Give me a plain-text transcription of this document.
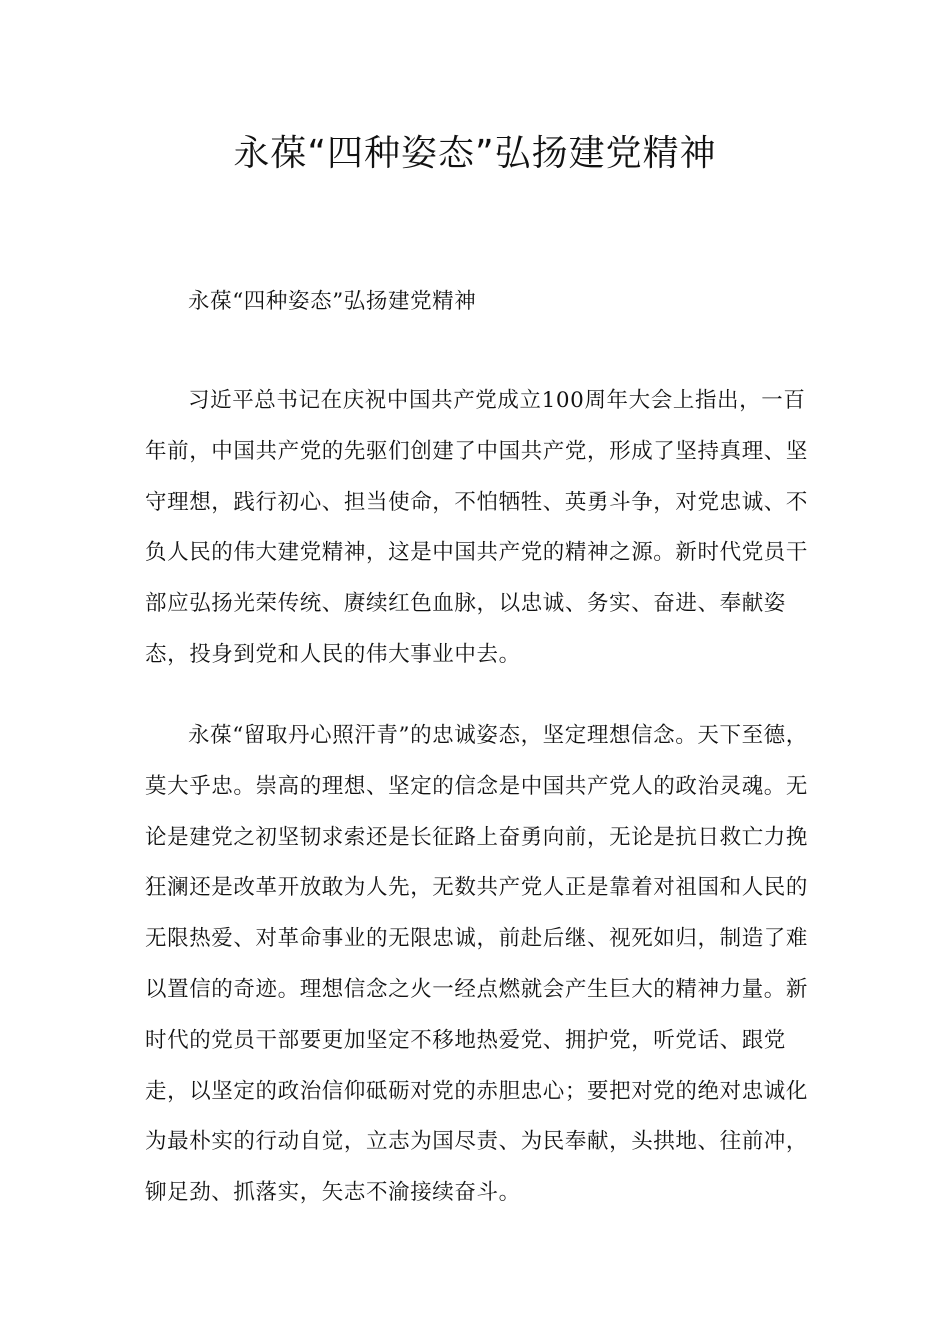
永葆“四种姿态”弘扬建党精神

永葆“四种姿态”弘扬建党精神

习近平总书记在庆祝中国共产党成立100周年大会上指出，一百年前，中国共产党的先驱们创建了中国共产党，形成了坚持真理、坚守理想，践行初心、担当使命，不怕牺牲、英勇斗争，对党忠诚、不负人民的伟大建党精神，这是中国共产党的精神之源。新时代党员干部应弘扬光荣传统、赓续红色血脉，以忠诚、务实、奋进、奉献姿态，投身到党和人民的伟大事业中去。

永葆“留取丹心照汗青”的忠诚姿态，坚定理想信念。天下至德，莫大乎忠。崇高的理想、坚定的信念是中国共产党人的政治灵魂。无论是建党之初坚韧求索还是长征路上奋勇向前，无论是抗日救亡力挽狂澜还是改革开放敢为人先，无数共产党人正是靠着对祖国和人民的无限热爱、对革命事业的无限忠诚，前赴后继、视死如归，制造了难以置信的奇迹。理想信念之火一经点燃就会产生巨大的精神力量。新时代的党员干部要更加坚定不移地热爱党、拥护党，听党话、跟党走，以坚定的政治信仰砥砺对党的赤胆忠心；要把对党的绝对忠诚化为最朴实的行动自觉，立志为国尽责、为民奉献，头拱地、往前冲，铆足劲、抓落实，矢志不渝接续奋斗。
